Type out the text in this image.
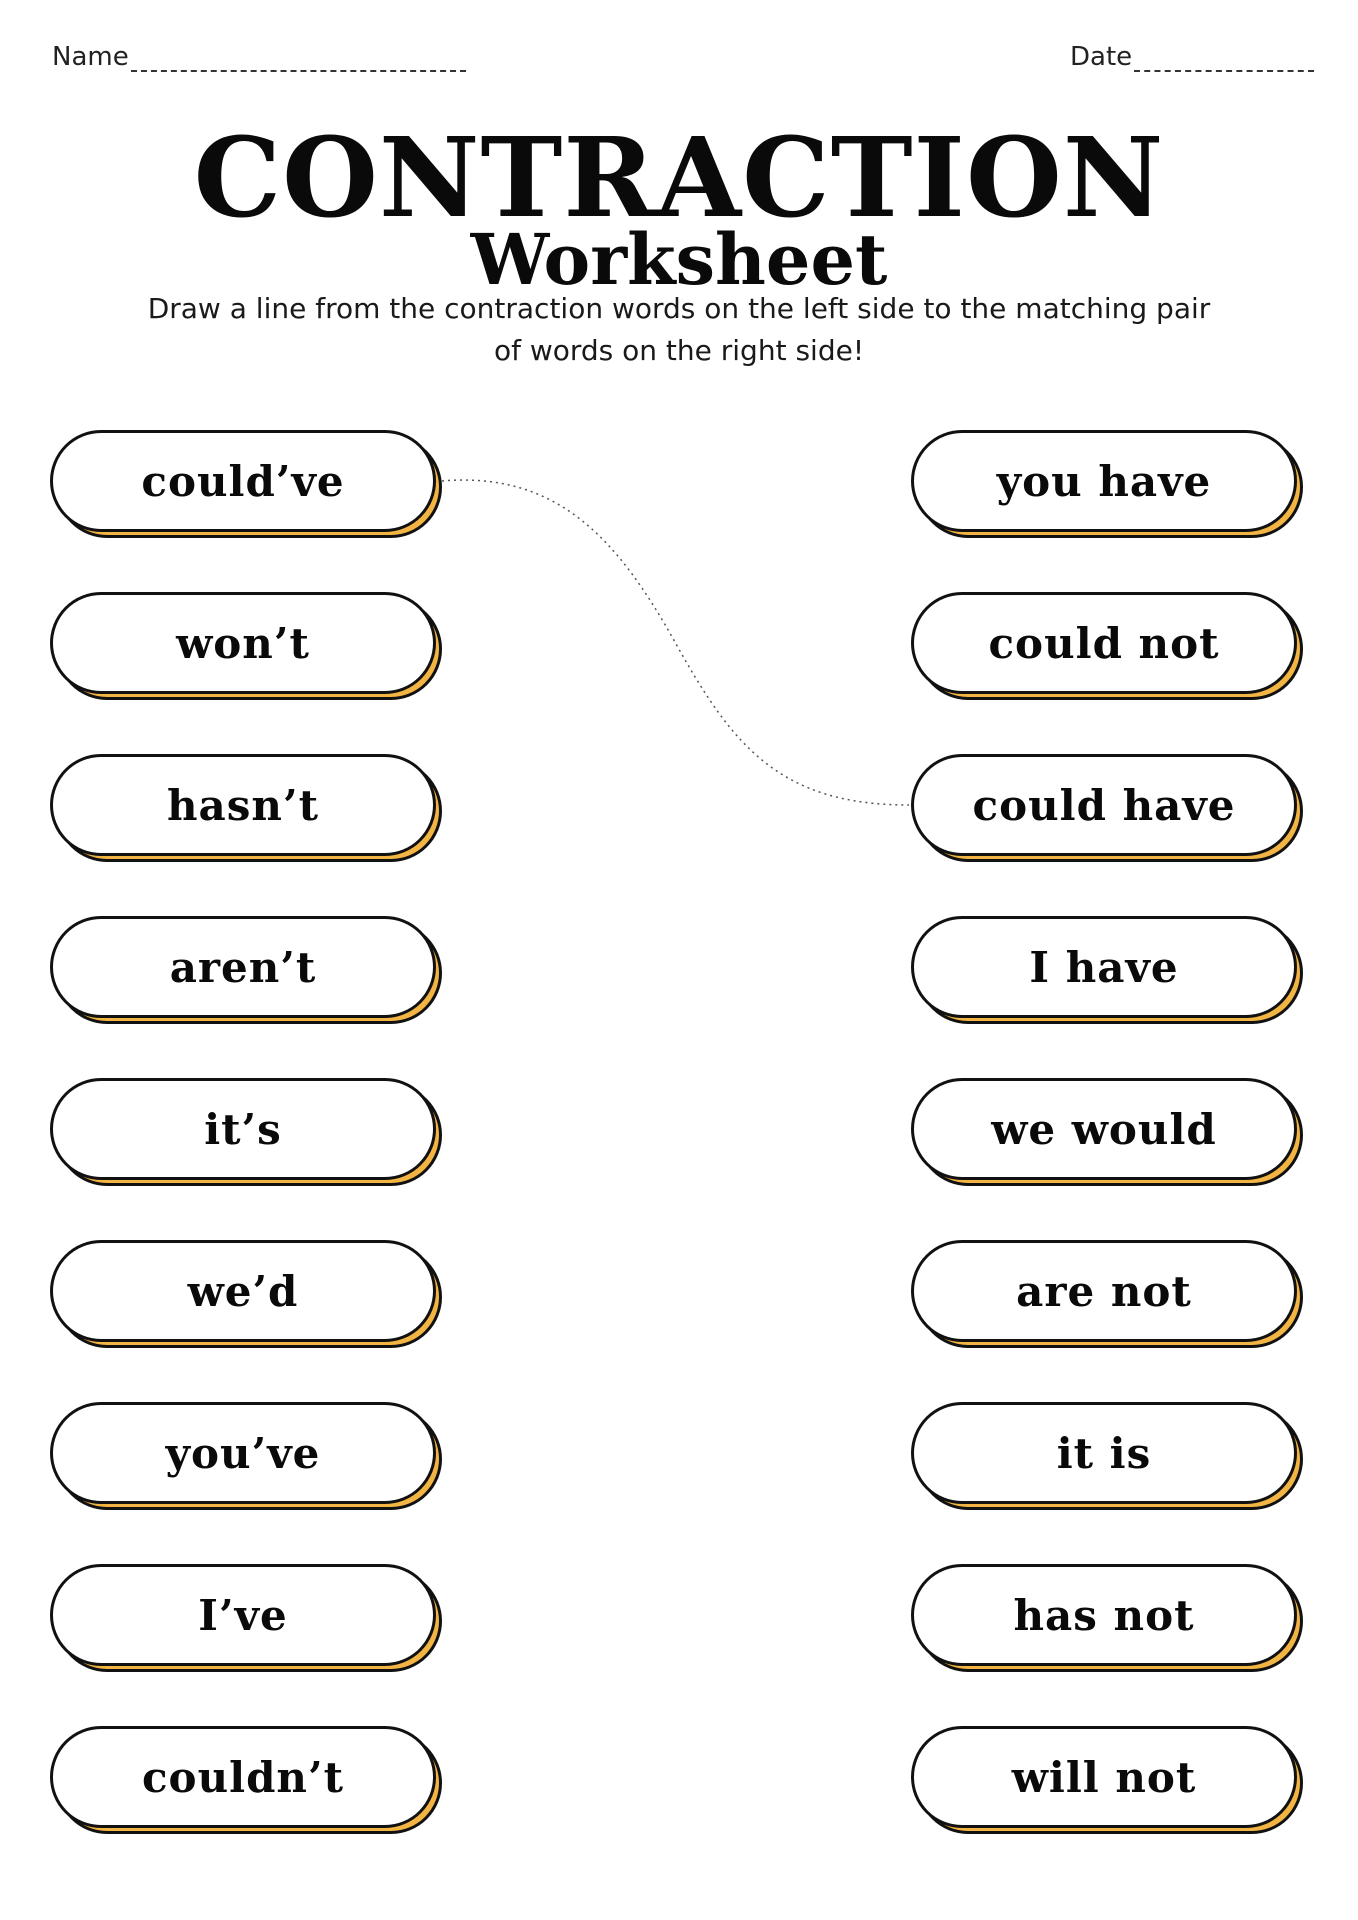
Name	Date
CONTRACTION
Worksheet
Draw a line from the contraction words on the left side to the matching pair of words on the right side!
could’ve
won’t
hasn’t
aren’t
it’s
we’d
you’ve
I’ve
couldn’t
you have
could not
could have
I have
we would
are not
it is
has not
will not
